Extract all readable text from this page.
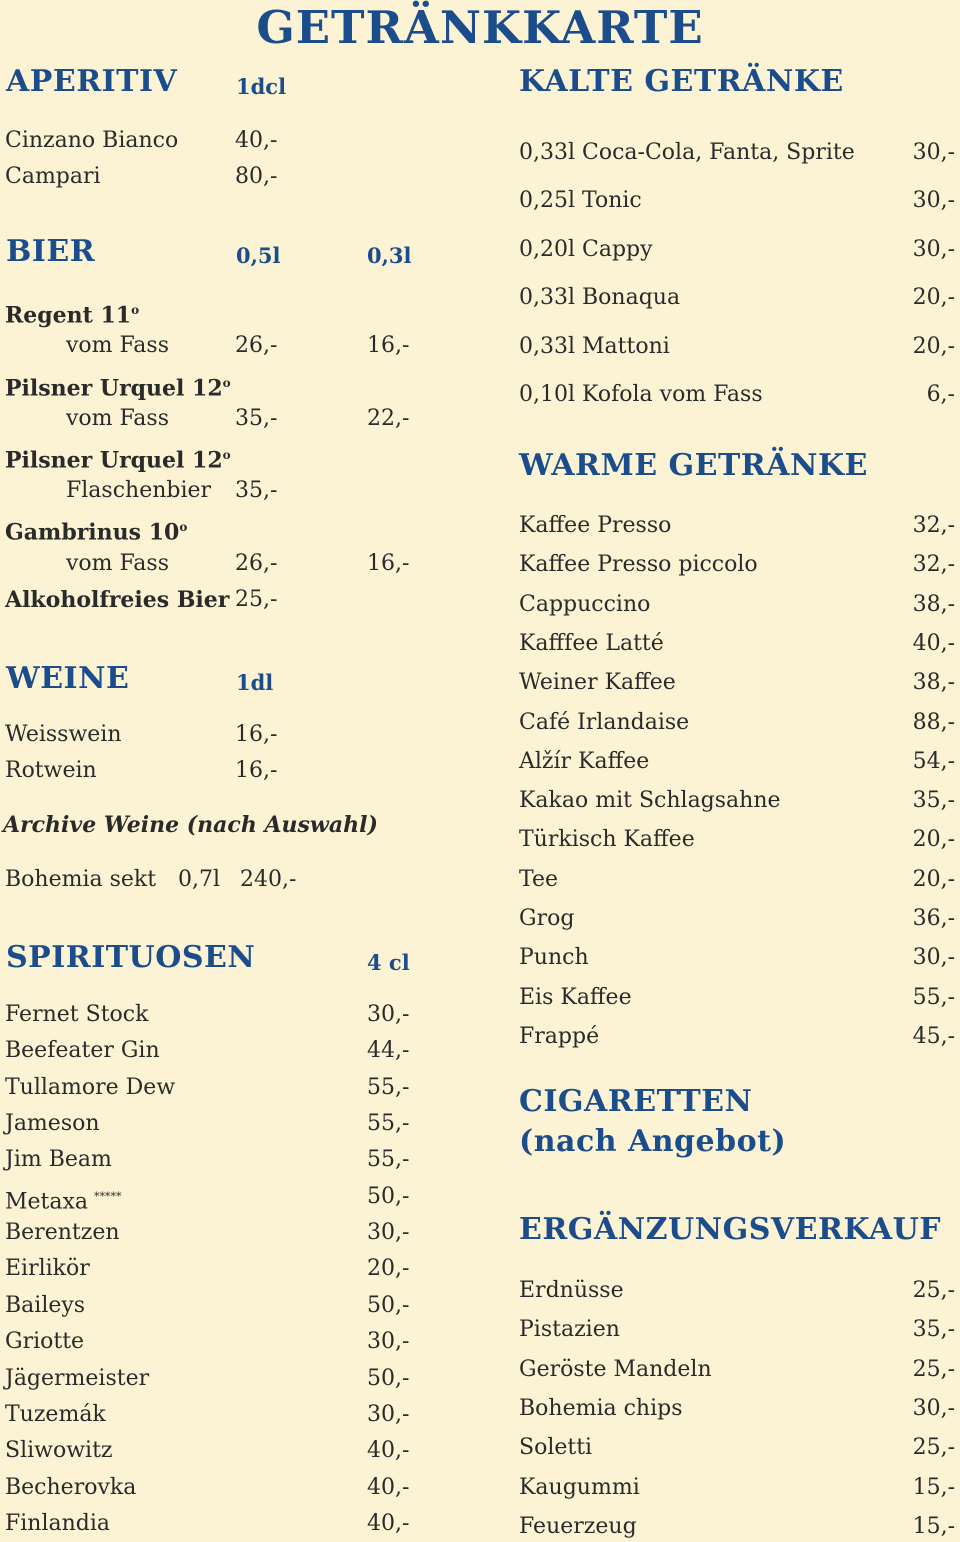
GETRÄNKKARTE
APERITIV	1dcl
Cinzano Bianco	40,-
Campari	80,-
BIER	0,5l	0,3l
Regent 11$^o$
vom Fass	26,-	16,-
Pilsner Urquel 12$^o$
vom Fass	35,-	22,-
Pilsner Urquel 12$^o$
Flaschenbier 35,-
Gambrinus 10$^o$
vom Fass	26,-	16,-
Alkoholfreies Bier 25,-
WEINE	1dl
Weisswein	16,-
Rotwein	16,-
Archive Weine (nach Auswahl)
Bohemia sekt 0,7l 240,-
SPIRITUOSEN	4 cl
Fernet Stock	30,-
Beefeater Gin	44,-
Tullamore Dew	55,-
Jameson	55,-
Jim Beam	55,-
Metaxa *****	50,-
Berentzen	30,-
Eirlikör	20,-
Baileys	50,-
Griotte	30,-
Jägermeister	50,-
Tuzemák	30,-
Sliwowitz	40,-
Becherovka	40,-
Finlandia	40,-
KALTE GETRÄNKE
0,33l Coca-Cola, Fanta, Sprite	30,-
0,25l Tonic	30,-
0,20l Cappy	30,-
0,33l Bonaqua	20,-
0,33l Mattoni	20,-
0,10l Kofola vom Fass	6,-
WARME GETRÄNKE
Kaffee Presso	32,-
Kaffee Presso piccolo	32,-
Cappuccino	38,-
Kafffee Latté	40,-
Weiner Kaffee	38,-
Café Irlandaise	88,-
Alžír Kaffee	54,-
Kakao mit Schlagsahne	35,-
Türkisch Kaffee	20,-
Tee	20,-
Grog	36,-
Punch	30,-
Eis Kaffee	55,-
Frappé	45,-
CIGARETTEN
(nach Angebot)
ERGÄNZUNGSVERKAUF
Erdnüsse	25,-
Pistazien	35,-
Geröste Mandeln	25,-
Bohemia chips	30,-
Soletti	25,-
Kaugummi	15,-
Feuerzeug	15,-
